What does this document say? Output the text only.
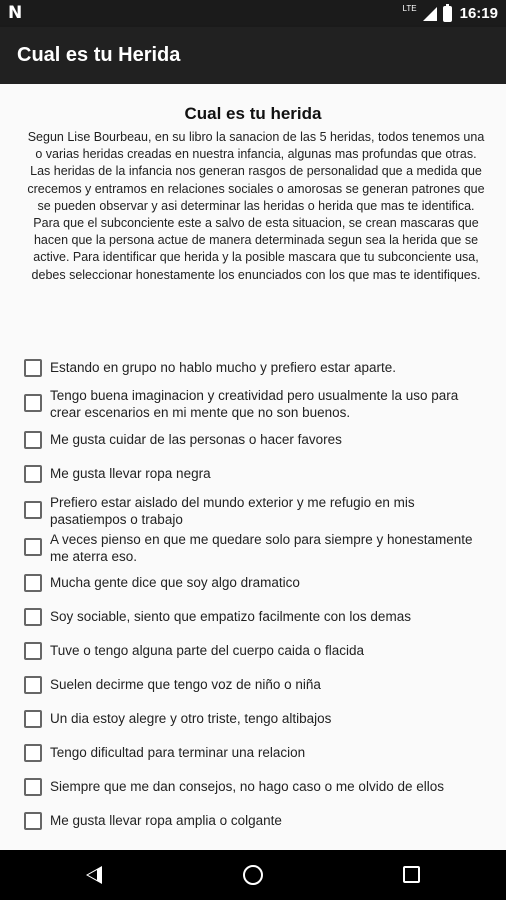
N	LTE	16:19
Cual es tu Herida
Cual es tu herida
Segun Lise Bourbeau, en su libro la sanacion de las 5 heridas, todos tenemos una o varias heridas creadas en nuestra infancia, algunas mas profundas que otras. Las heridas de la infancia nos generan rasgos de personalidad que a medida que crecemos y entramos en relaciones sociales o amorosas se generan patrones que se pueden observar y asi determinar las heridas o herida que mas te identifica. Para que el subconciente este a salvo de esta situacion, se crean mascaras que hacen que la persona actue de manera determinada segun sea la herida que se active. Para identificar que herida y la posible mascara que tu subconciente usa, debes seleccionar honestamente los enunciados con los que mas te identifiques.
Estando en grupo no hablo mucho y prefiero estar aparte.
Tengo buena imaginacion y creatividad pero usualmente la uso para crear escenarios en mi mente que no son buenos.
Me gusta cuidar de las personas o hacer favores
Me gusta llevar ropa negra
Prefiero estar aislado del mundo exterior y me refugio en mis pasatiempos o trabajo
A veces pienso en que me quedare solo para siempre y honestamente me aterra eso.
Mucha gente dice que soy algo dramatico
Soy sociable, siento que empatizo facilmente con los demas
Tuve o tengo alguna parte del cuerpo caida o flacida
Suelen decirme que tengo voz de niño o niña
Un dia estoy alegre y otro triste, tengo altibajos
Tengo dificultad para terminar una relacion
Siempre que me dan consejos, no hago caso o me olvido de ellos
Me gusta llevar ropa amplia o colgante
